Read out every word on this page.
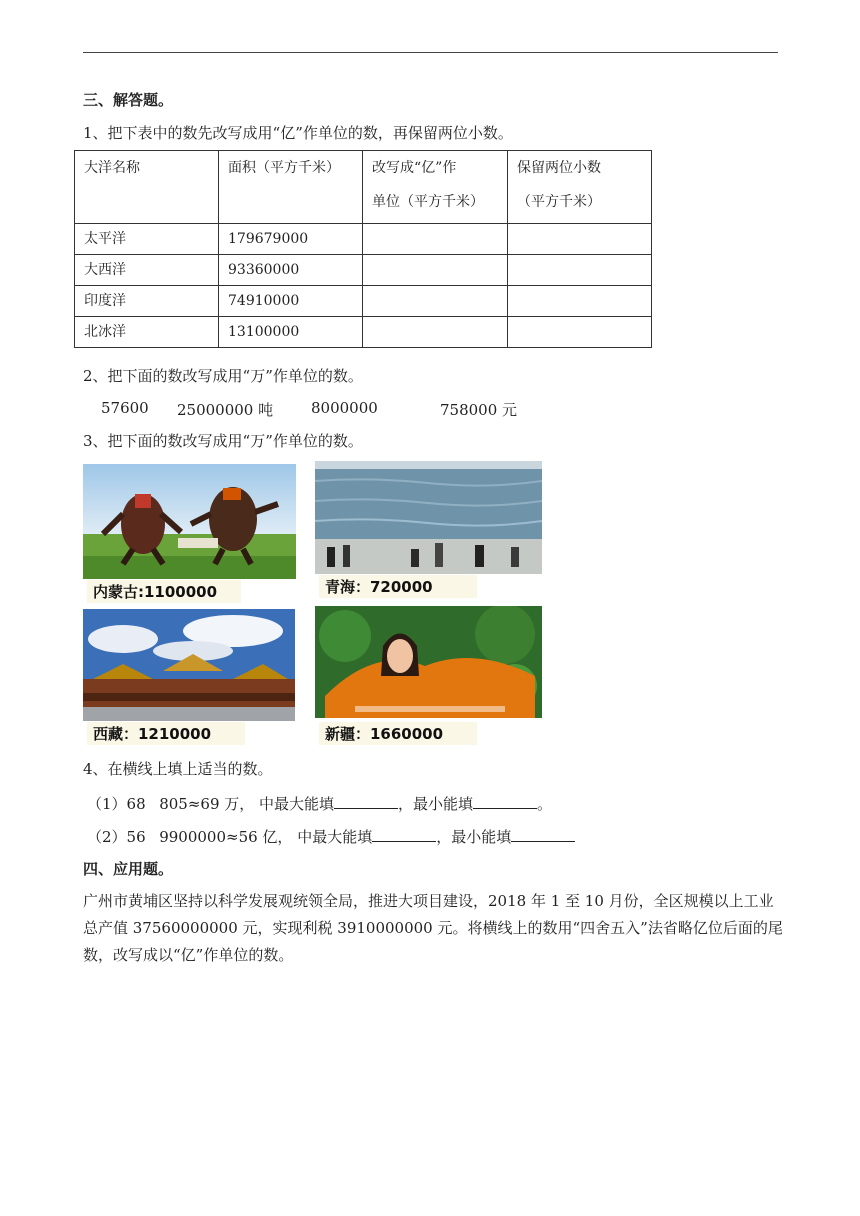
三、解答题。
1、把下表中的数先改写成用“亿”作单位的数，再保留两位小数。
大洋名称	面积（平方千米）	改写成“亿”作
单位（平方千米）	保留两位小数
（平方千米）
太平洋	179679000		
大西洋	93360000		
印度洋	74910000		
北冰洋	13100000		
2、把下面的数改写成用“万”作单位的数。
57600 25000000 吨	8000000	758000 元
3、把下面的数改写成用“万”作单位的数。
内蒙古:1100000	青海：720000
西藏：1210000	新疆：1660000
4、在横线上填上适当的数。
（1）68 805≈69 万， 中最大能填	，最小能填	。
（2）56 9900000≈56 亿， 中最大能填	，最小能填
四、应用题。
广州市黄埔区坚持以科学发展观统领全局，推进大项目建设，2018 年 1 至 10 月份，全区规模以上工业总产值 37560000000 元，实现利税 3910000000 元。将横线上的数用“四舍五入”法省略亿位后面的尾数，改写成以“亿”作单位的数。
